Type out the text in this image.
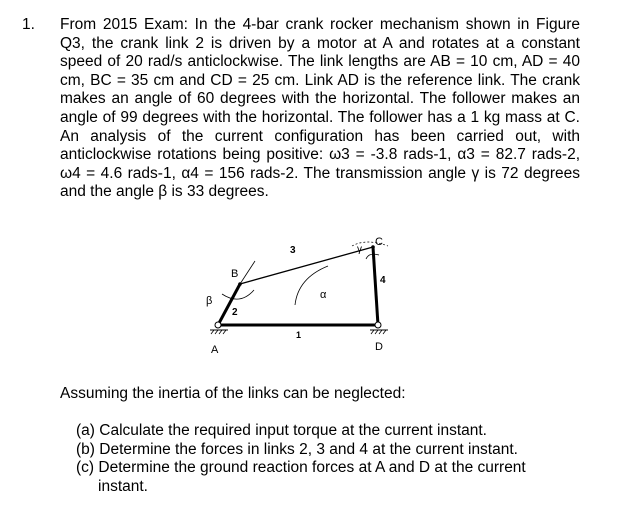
1. From 2015 Exam: In the 4-bar crank rocker mechanism shown in Figure Q3, the crank link 2 is driven by a motor at A and rotates at a constant speed of 20 rad/s anticlockwise. The link lengths are AB = 10 cm, AD = 40 cm, BC = 35 cm and CD = 25 cm. Link AD is the reference link. The crank makes an angle of 60 degrees with the horizontal. The follower makes an angle of 99 degrees with the horizontal. The follower has a 1 kg mass at C. An analysis of the current configuration has been carried out, with anticlockwise rotations being positive: ω3 = -3.8 rads-1, α3 = 82.7 rads-2, ω4 = 4.6 rads-1, α4 = 156 rads-2. The transmission angle γ is 72 degrees and the angle β is 33 degrees.
A
B
C
D
1
2
3
4
α
β
γ
Assuming the inertia of the links can be neglected:
(a) Calculate the required input torque at the current instant.
(b) Determine the forces in links 2, 3 and 4 at the current instant.
(c) Determine the ground reaction forces at A and D at the current instant.
